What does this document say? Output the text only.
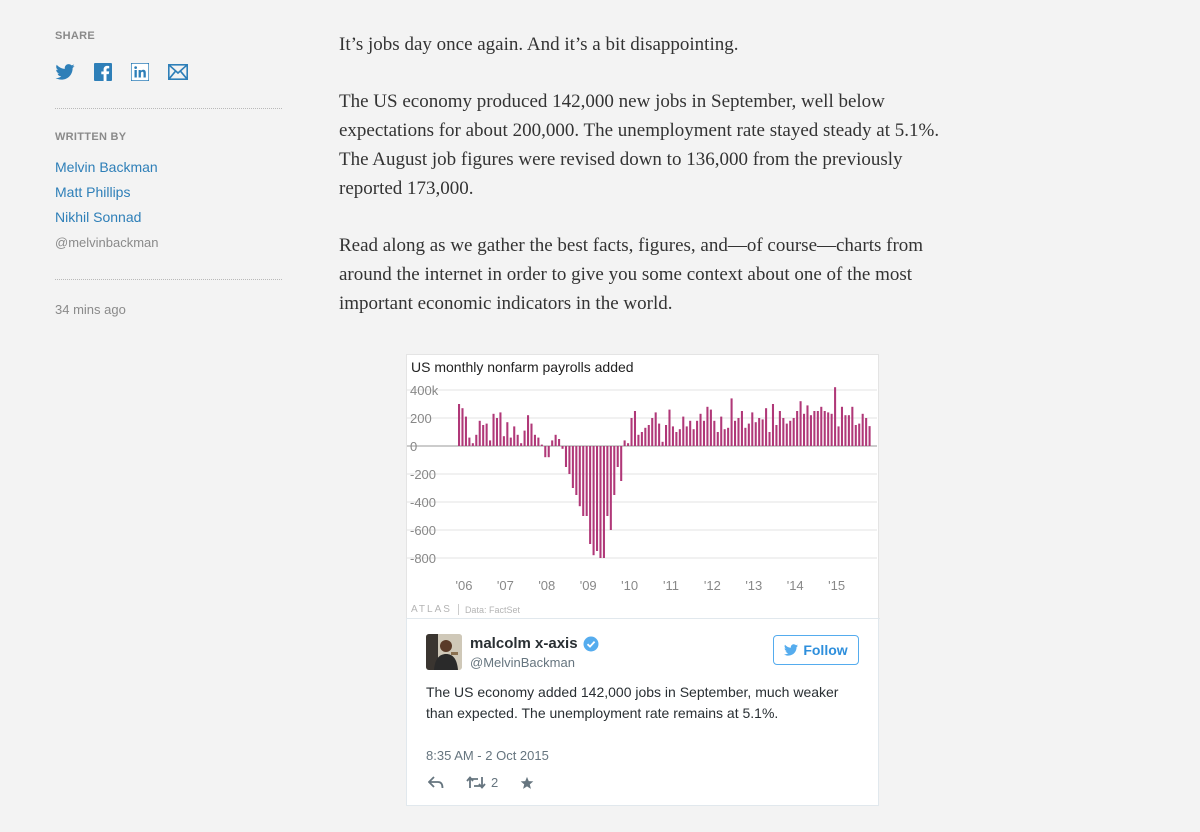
SHARE
WRITTEN BY
Melvin Backman
Matt Phillips
Nikhil Sonnad
@melvinbackman
34 mins ago

It’s jobs day once again. And it’s a bit disappointing.

The US economy produced 142,000 new jobs in September, well below expectations for about 200,000. The unemployment rate stayed steady at 5.1%. The August job figures were revised down to 136,000 from the previously reported 173,000.

Read along as we gather the best facts, figures, and—of course—charts from around the internet in order to give you some context about one of the most important economic indicators in the world.

US monthly nonfarm payrolls added
400k
200
0
-200
-400
-600
-800
'06 '07 '08 '09 '10 '11 '12 '13 '14 '15
ATLAS Data: FactSet
malcolm x-axis
@MelvinBackman
Follow
The US economy added 142,000 jobs in September, much weaker than expected. The unemployment rate remains at 5.1%.
8:35 AM - 2 Oct 2015
2
